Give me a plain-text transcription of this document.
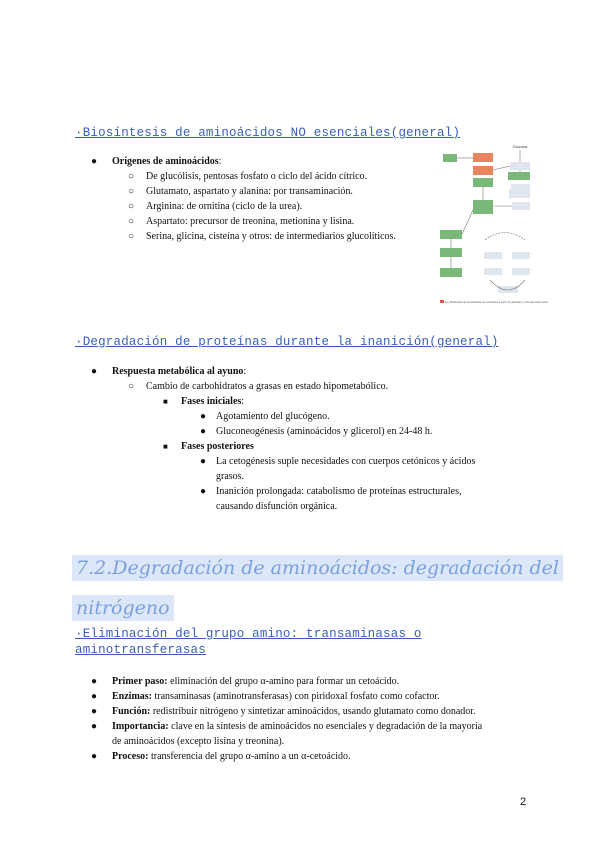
·Biosíntesis de aminoácidos NO esenciales(general)
● Orígenes de aminoácidos:
○ De glucólisis, pentosas fosfato o ciclo del ácido cítrico.
○ Glutamato, aspartato y alanina: por transaminación.
○ Arginina: de ornitina (ciclo de la urea).
○ Aspartato: precursor de treonina, metionina y lisina.
○ Serina, glicina, cisteína y otros: de intermediarios glucolíticos.
Glucosa
Fig. Biosintesis de aminoacidos no esenciales a partir de glucolisis y ciclo del acido citrico
·Degradación de proteínas durante la inanición(general)
● Respuesta metabólica al ayuno:
○ Cambio de carbohidratos a grasas en estado hipometabólico.
■ Fases iniciales:
● Agotamiento del glucógeno.
● Gluconeogénesis (aminoácidos y glicerol) en 24-48 h.
■ Fases posteriores
● La cetogénesis suple necesidades con cuerpos cetónicos y ácidos
grasos.
● Inanición prolongada: catabolismo de proteínas estructurales,
causando disfunción orgánica.
7.2.Degradación de aminoácidos: degradación del
nitrógeno
·Eliminación del grupo amino: transaminasas o
aminotransferasas
● Primer paso: eliminación del grupo α-amino para formar un cetoácido.
● Enzimas: transaminasas (aminotransferasas) con piridoxal fosfato como cofactor.
● Función: redistribuir nitrógeno y sintetizar aminoácidos, usando glutamato como donador.
● Importancia: clave en la síntesis de aminoácidos no esenciales y degradación de la mayoría
de aminoácidos (excepto lisina y treonina).
● Proceso: transferencia del grupo α-amino a un α-cetoácido.
2
